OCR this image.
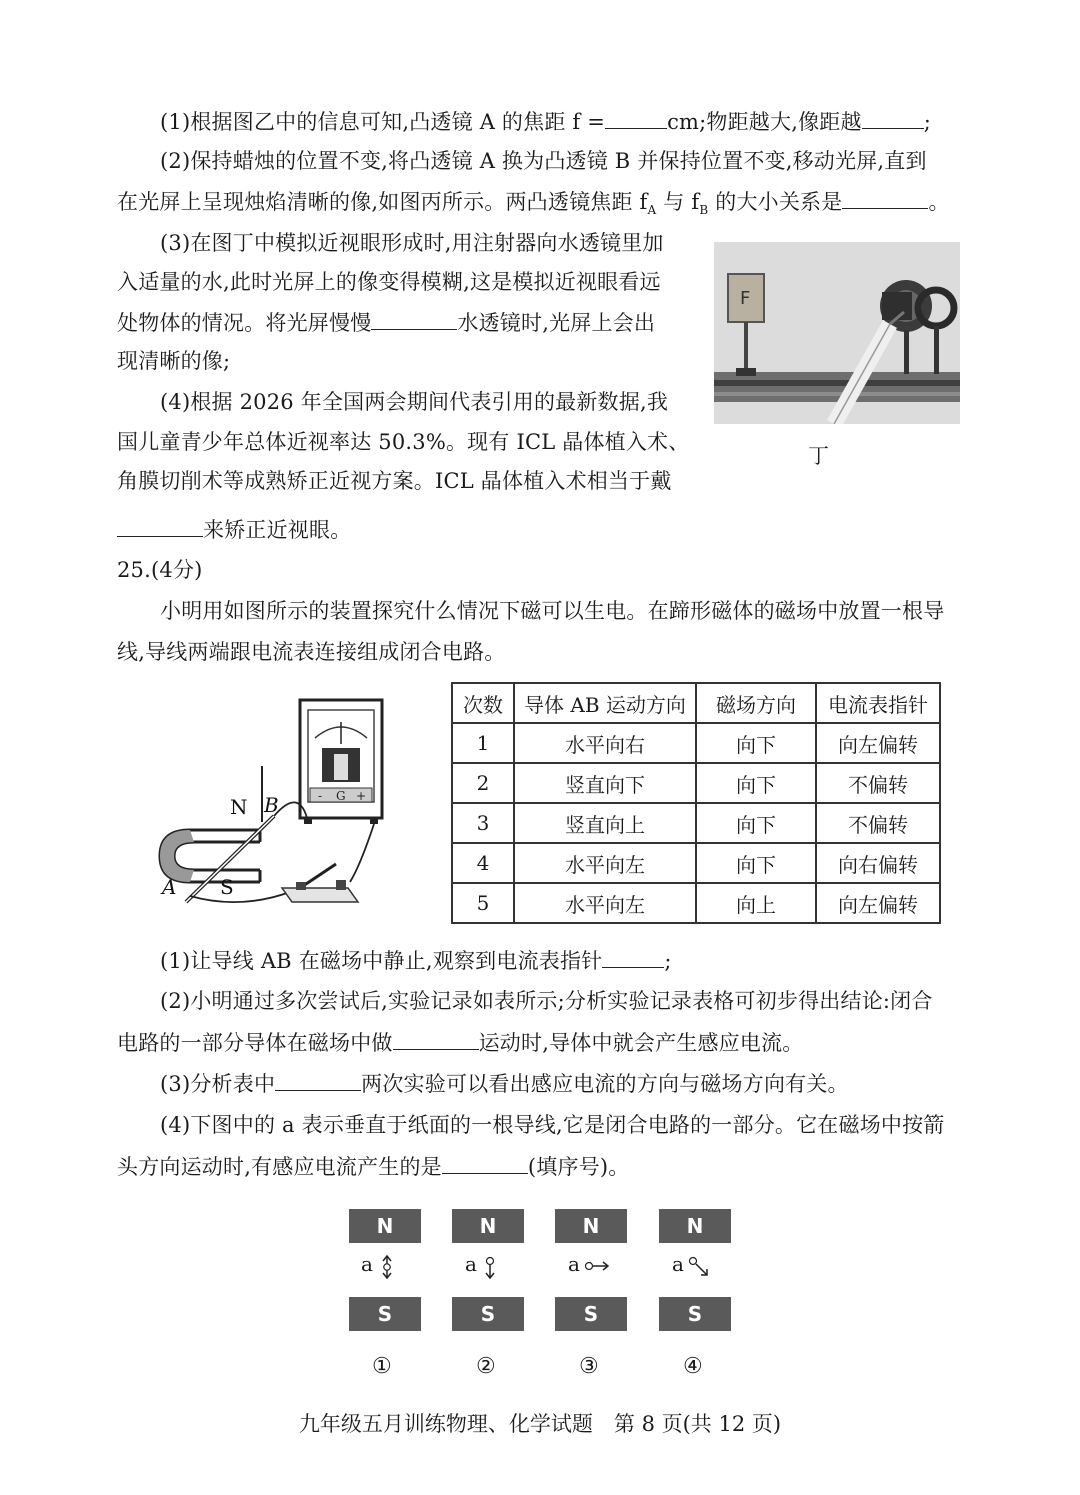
(1)根据图乙中的信息可知,凸透镜 A 的焦距 f =	cm;物距越大,像距越	;
(2)保持蜡烛的位置不变,将凸透镜 A 换为凸透镜 B 并保持位置不变,移动光屏,直到
在光屏上呈现烛焰清晰的像,如图丙所示。两凸透镜焦距 $f_A$ 与 $f_B$ 的大小关系是	。
(3)在图丁中模拟近视眼形成时,用注射器向水透镜里加
入适量的水,此时光屏上的像变得模糊,这是模拟近视眼看远
处物体的情况。将光屏慢慢	水透镜时,光屏上会出
现清晰的像;
(4)根据 2026 年全国两会期间代表引用的最新数据,我
国儿童青少年总体近视率达 50.3%。现有 ICL 晶体植入术、
角膜切削术等成熟矫正近视方案。ICL 晶体植入术相当于戴
来矫正近视眼。
F
丁
25.(4分)
小明用如图所示的装置探究什么情况下磁可以生电。在蹄形磁体的磁场中放置一根导
线,导线两端跟电流表连接组成闭合电路。
- G +
N
S
B
A
次数	导体 AB 运动方向	磁场方向	电流表指针
1	水平向右	向下	向左偏转
2	竖直向下	向下	不偏转
3	竖直向上	向下	不偏转
4	水平向左	向下	向右偏转
5	水平向左	向上	向左偏转
(1)让导线 AB 在磁场中静止,观察到电流表指针	;
(2)小明通过多次尝试后,实验记录如表所示;分析实验记录表格可初步得出结论:闭合
电路的一部分导体在磁场中做	运动时,导体中就会产生感应电流。
(3)分析表中	两次实验可以看出感应电流的方向与磁场方向有关。
(4)下图中的 a 表示垂直于纸面的一根导线,它是闭合电路的一部分。它在磁场中按箭
头方向运动时,有感应电流产生的是	(填序号)。
N
a
S
①
N
a
S
②
N
a
S
③
N
a
S
④
九年级五月训练物理、化学试题　第 8 页(共 12 页)
